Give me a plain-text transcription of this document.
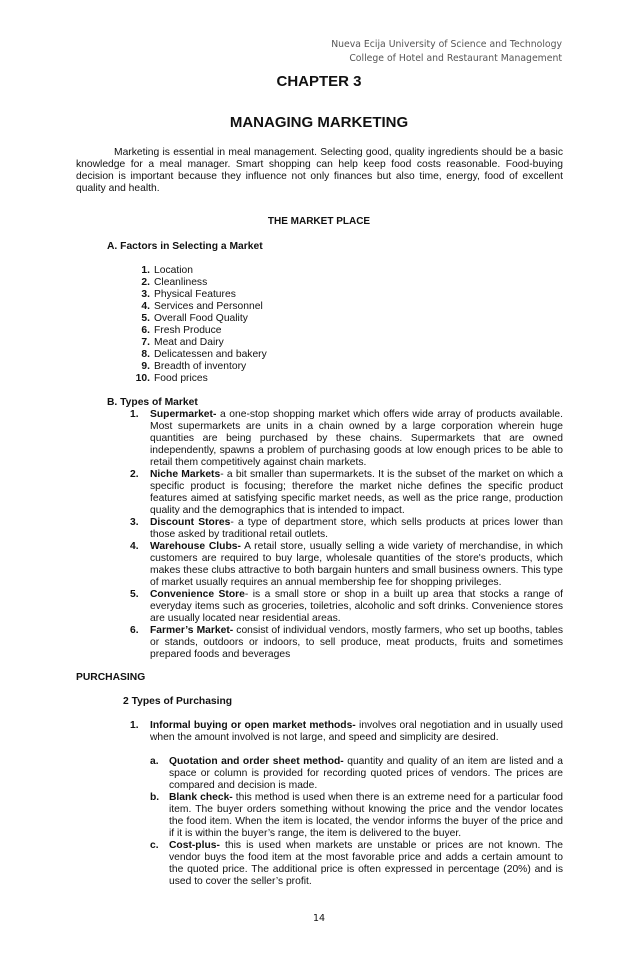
Nueva Ecija University of Science and Technology
College of Hotel and Restaurant Management
CHAPTER 3
MANAGING MARKETING
Marketing is essential in meal management. Selecting good, quality ingredients should be a basic knowledge for a meal manager. Smart shopping can help keep food costs reasonable. Food-buying decision is important because they influence not only finances but also time, energy, food of excellent quality and health.
THE MARKET PLACE
A. Factors in Selecting a Market
1. Location
2. Cleanliness
3. Physical Features
4. Services and Personnel
5. Overall Food Quality
6. Fresh Produce
7. Meat and Dairy
8. Delicatessen and bakery
9. Breadth of inventory
10. Food prices
B. Types of Market
1.	Supermarket- a one-stop shopping market which offers wide array of products available. Most supermarkets are units in a chain owned by a large corporation wherein huge quantities are being purchased by these chains. Supermarkets that are owned independently, spawns a problem of purchasing goods at low enough prices to be able to retail them competitively against chain markets.
2.	Niche Markets- a bit smaller than supermarkets. It is the subset of the market on which a specific product is focusing; therefore the market niche defines the specific product features aimed at satisfying specific market needs, as well as the price range, production quality and the demographics that is intended to impact.
3.	Discount Stores- a type of department store, which sells products at prices lower than those asked by traditional retail outlets.
4.	Warehouse Clubs- A retail store, usually selling a wide variety of merchandise, in which customers are required to buy large, wholesale quantities of the store's products, which makes these clubs attractive to both bargain hunters and small business owners. This type of market usually requires an annual membership fee for shopping privileges.
5.	Convenience Store- is a small store or shop in a built up area that stocks a range of everyday items such as groceries, toiletries, alcoholic and soft drinks. Convenience stores are usually located near residential areas.
6.	Farmer’s Market- consist of individual vendors, mostly farmers, who set up booths, tables or stands, outdoors or indoors, to sell produce, meat products, fruits and sometimes prepared foods and beverages
PURCHASING
2 Types of Purchasing
1.	Informal buying or open market methods- involves oral negotiation and in usually used when the amount involved is not large, and speed and simplicity are desired.
a.	Quotation and order sheet method- quantity and quality of an item are listed and a space or column is provided for recording quoted prices of vendors. The prices are compared and decision is made.
b. Blank check- this method is used when there is an extreme need for a particular food item. The buyer orders something without knowing the price and the vendor locates the food item. When the item is located, the vendor informs the buyer of the price and if it is within the buyer’s range, the item is delivered to the buyer.
c.	Cost-plus- this is used when markets are unstable or prices are not known. The vendor buys the food item at the most favorable price and adds a certain amount to the quoted price. The additional price is often expressed in percentage (20%) and is used to cover the seller’s profit.
14
